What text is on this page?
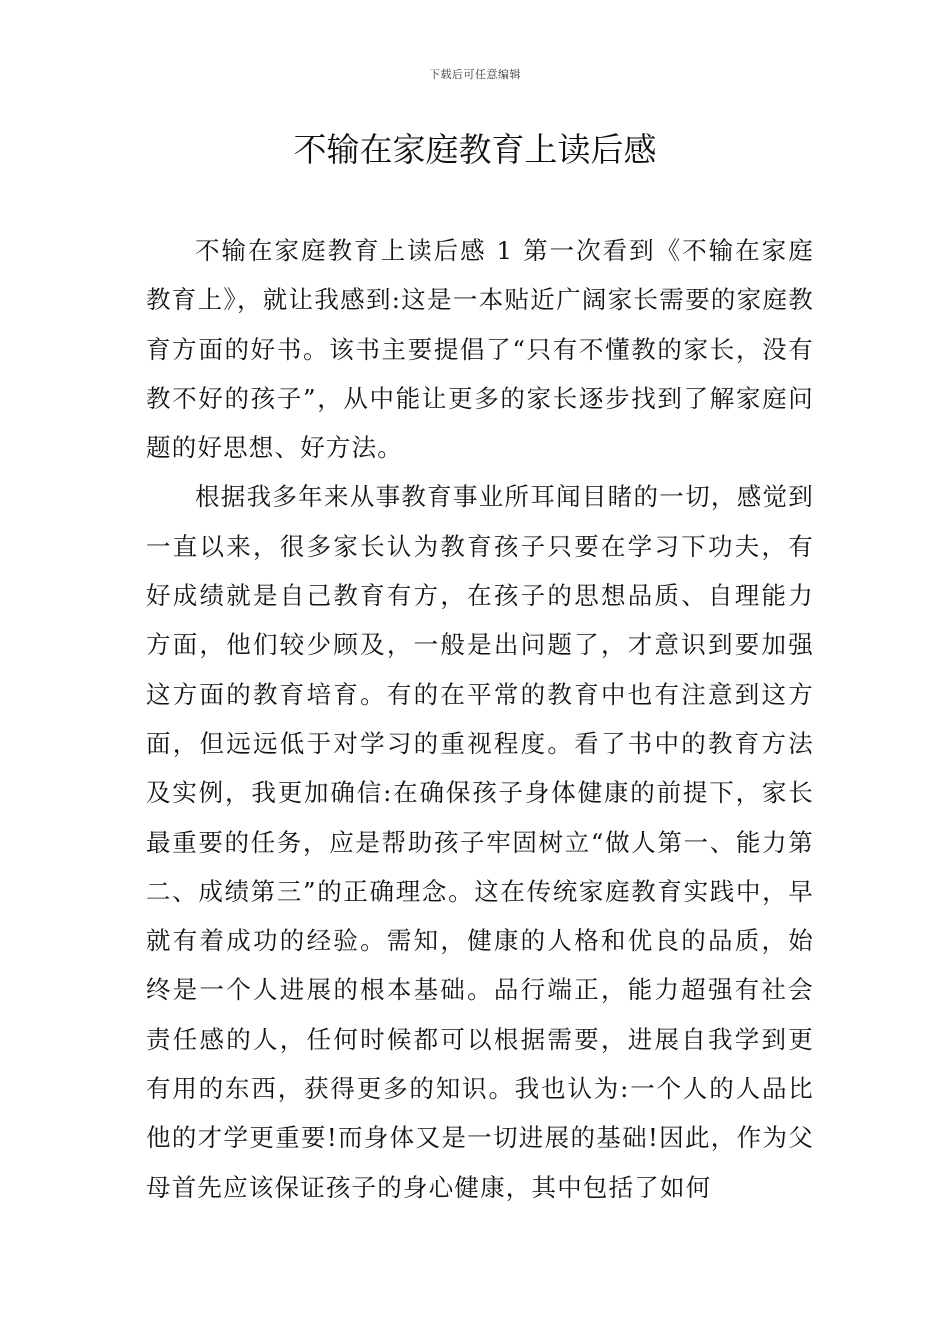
下载后可任意编辑
不输在家庭教育上读后感

不输在家庭教育上读后感 1 第一次看到《不输在家庭教育上》，就让我感到:这是一本贴近广阔家长需要的家庭教育方面的好书。该书主要提倡了“只有不懂教的家长，没有教不好的孩子”，从中能让更多的家长逐步找到了解家庭问题的好思想、好方法。

根据我多年来从事教育事业所耳闻目睹的一切，感觉到一直以来，很多家长认为教育孩子只要在学习下功夫，有好成绩就是自己教育有方，在孩子的思想品质、自理能力方面，他们较少顾及，一般是出问题了，才意识到要加强这方面的教育培育。有的在平常的教育中也有注意到这方面，但远远低于对学习的重视程度。看了书中的教育方法及实例，我更加确信:在确保孩子身体健康的前提下，家长最重要的任务，应是帮助孩子牢固树立“做人第一、能力第二、成绩第三”的正确理念。这在传统家庭教育实践中，早就有着成功的经验。需知，健康的人格和优良的品质，始终是一个人进展的根本基础。品行端正，能力超强有社会责任感的人，任何时候都可以根据需要，进展自我学到更有用的东西，获得更多的知识。我也认为:一个人的人品比他的才学更重要!而身体又是一切进展的基础!因此，作为父母首先应该保证孩子的身心健康，其中包括了如何
